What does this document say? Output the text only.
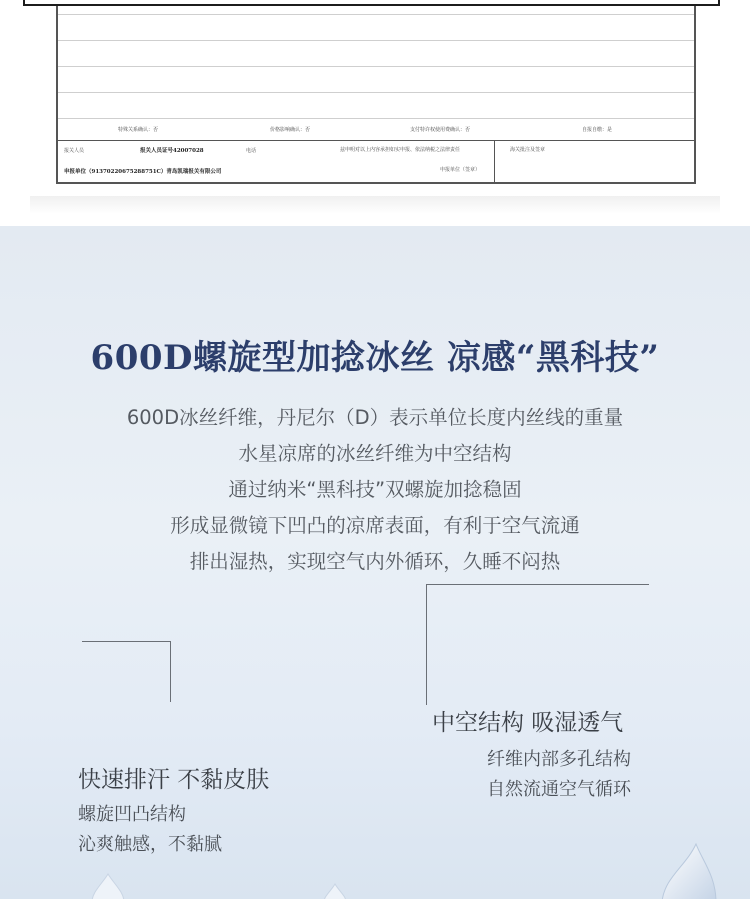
特殊关系确认：否	价格影响确认：否	支付特许权使用费确认：否	自报自缴：是
报关人员	报关人员证号42007028	电话	兹申明对以上内容承担如实申报、依法纳税之法律责任	海关批注及签章
申报单位（91370220675288751C）青岛凯瑞报关有限公司	申报单位（签章）
600D螺旋型加捻冰丝 凉感“黑科技”
600D冰丝纤维，丹尼尔（D）表示单位长度内丝线的重量
水星凉席的冰丝纤维为中空结构
通过纳米“黑科技”双螺旋加捻稳固
形成显微镜下凹凸的凉席表面，有利于空气流通
排出湿热，实现空气内外循环，久睡不闷热
中空结构 吸湿透气
纤维内部多孔结构
自然流通空气循环
快速排汗 不黏皮肤
螺旋凹凸结构
沁爽触感，不黏腻
